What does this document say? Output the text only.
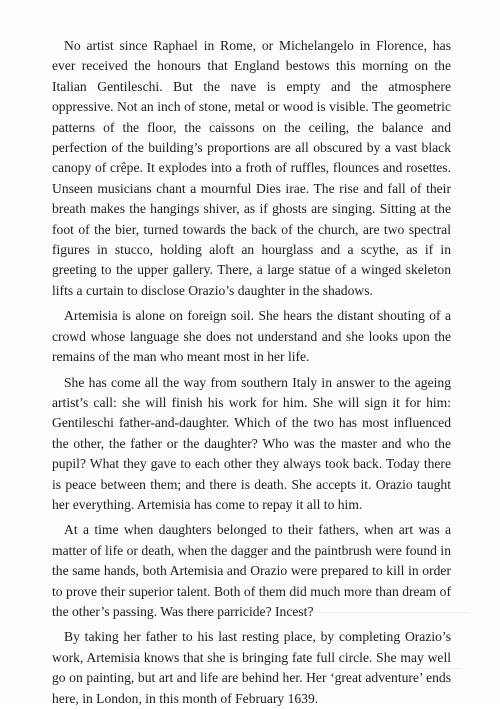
No artist since Raphael in Rome, or Michelangelo in Florence, has ever received the honours that England bestows this morning on the Italian Gentileschi. But the nave is empty and the atmosphere oppressive. Not an inch of stone, metal or wood is visible. The geometric patterns of the floor, the caissons on the ceiling, the balance and perfection of the building’s proportions are all obscured by a vast black canopy of crêpe. It explodes into a froth of ruffles, flounces and rosettes. Unseen musicians chant a mournful Dies irae. The rise and fall of their breath makes the hangings shiver, as if ghosts are singing. Sitting at the foot of the bier, turned towards the back of the church, are two spectral figures in stucco, holding aloft an hourglass and a scythe, as if in greeting to the upper gallery. There, a large statue of a winged skeleton lifts a curtain to disclose Orazio’s daughter in the shadows.

Artemisia is alone on foreign soil. She hears the distant shouting of a crowd whose language she does not understand and she looks upon the remains of the man who meant most in her life.

She has come all the way from southern Italy in answer to the ageing artist’s call: she will finish his work for him. She will sign it for him: Gentileschi father-and-daughter. Which of the two has most influenced the other, the father or the daughter? Who was the master and who the pupil? What they gave to each other they always took back. Today there is peace between them; and there is death. She accepts it. Orazio taught her everything. Artemisia has come to repay it all to him.

At a time when daughters belonged to their fathers, when art was a matter of life or death, when the dagger and the paintbrush were found in the same hands, both Artemisia and Orazio were prepared to kill in order to prove their superior talent. Both of them did much more than dream of the other’s passing. Was there parricide? Incest?

By taking her father to his last resting place, by completing Orazio’s work, Artemisia knows that she is bringing fate full circle. She may well go on painting, but art and life are behind her. Her ‘great adventure’ ends here, in London, in this month of February 1639.
